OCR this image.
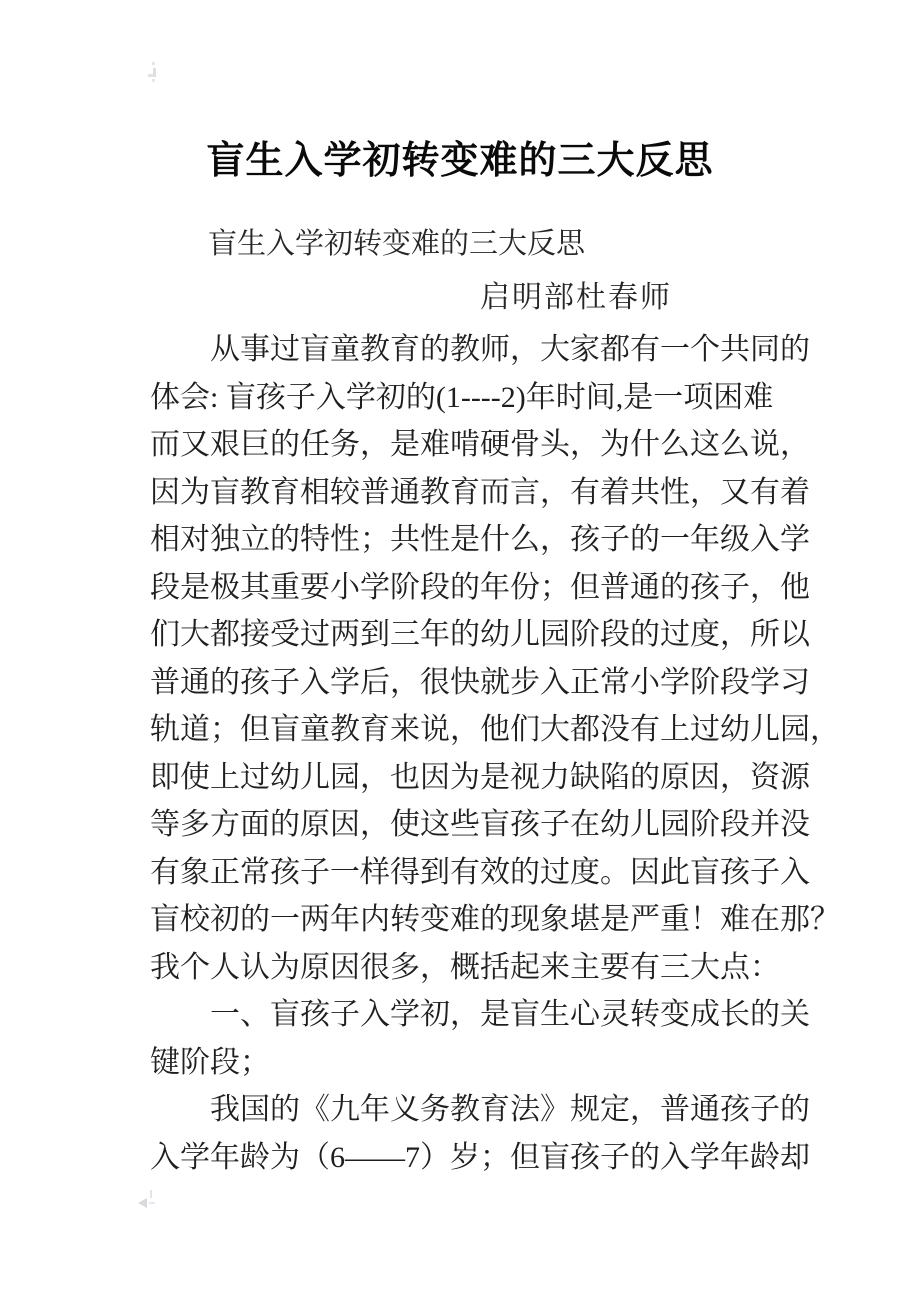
盲生入学初转变难的三大反思
　　盲生入学初转变难的三大反思
启明部杜春师
　　从事过盲童教育的教师，大家都有一个共同的
体会: 盲孩子入学初的(1----2)年时间,是一项困难
而又艰巨的任务，是难啃硬骨头，为什么这么说，
因为盲教育相较普通教育而言，有着共性，又有着
相对独立的特性；共性是什么，孩子的一年级入学
段是极其重要小学阶段的年份；但普通的孩子，他
们大都接受过两到三年的幼儿园阶段的过度，所以
普通的孩子入学后，很快就步入正常小学阶段学习
轨道；但盲童教育来说，他们大都没有上过幼儿园，
即使上过幼儿园，也因为是视力缺陷的原因，资源
等多方面的原因，使这些盲孩子在幼儿园阶段并没
有象正常孩子一样得到有效的过度。因此盲孩子入
盲校初的一两年内转变难的现象堪是严重！难在那？
我个人认为原因很多，概括起来主要有三大点：
　　一、盲孩子入学初，是盲生心灵转变成长的关
键阶段；
　　我国的《九年义务教育法》规定，普通孩子的
入学年龄为（6——7）岁；但盲孩子的入学年龄却
